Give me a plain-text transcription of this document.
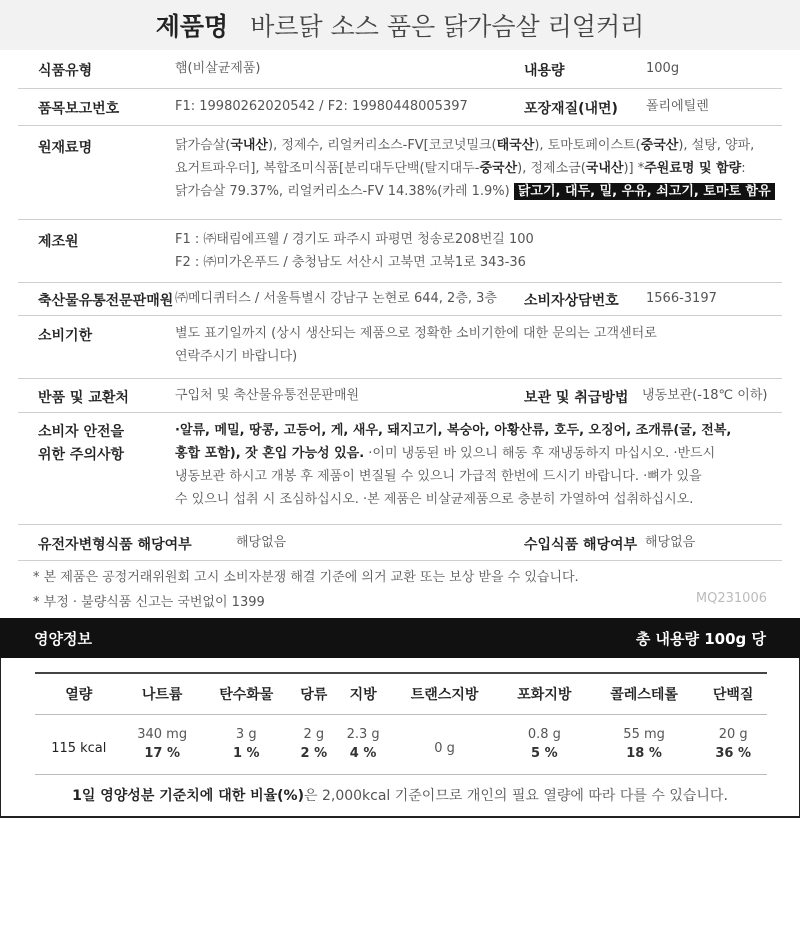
제품명 바르닭 소스 품은 닭가슴살 리얼커리
식품유형	햄(비살균제품)	내용량	100g
품목보고번호	F1: 19980262020542 / F2: 19980448005397	포장재질(내면) 폴리에틸렌
원재료명	닭가슴살(국내산), 정제수, 리얼커리소스-FV[코코넛밀크(태국산), 토마토페이스트(중국산), 설탕, 양파,
요거트파우더], 복합조미식품[분리대두단백(탈지대두-중국산), 정제소금(국내산)] *주원료명 및 함량:
닭가슴살 79.37%, 리얼커리소스-FV 14.38%(카레 1.9%) 닭고기, 대두, 밀, 우유, 쇠고기, 토마토 함유
제조원	F1 : ㈜태림에프웰 / 경기도 파주시 파평면 청송로208번길 100
F2 : ㈜미가온푸드 / 충청남도 서산시 고북면 고북1로 343-36
축산물유통전문판매원 ㈜메디퀴터스 / 서울특별시 강남구 논현로 644, 2층, 3층 소비자상담번호 1566-3197
소비기한	별도 표기일까지 (상시 생산되는 제품으로 정확한 소비기한에 대한 문의는 고객센터로
연락주시기 바랍니다)
반품 및 교환처	구입처 및 축산물유통전문판매원	보관 및 취급방법 냉동보관(-18℃ 이하)
소비자 안전을
위한 주의사항
·알류, 메밀, 땅콩, 고등어, 게, 새우, 돼지고기, 복숭아, 아황산류, 호두, 오징어, 조개류(굴, 전복,
홍합 포함), 잣 혼입 가능성 있음. ·이미 냉동된 바 있으니 해동 후 재냉동하지 마십시오. ·반드시
냉동보관 하시고 개봉 후 제품이 변질될 수 있으니 가급적 한번에 드시기 바랍니다. ·뼈가 있을
수 있으니 섭취 시 조심하십시오. ·본 제품은 비살균제품으로 충분히 가열하여 섭취하십시오.
유전자변형식품 해당여부	해당없음	수입식품 해당여부 해당없음
* 본 제품은 공정거래위원회 고시 소비자분쟁 해결 기준에 의거 교환 또는 보상 받을 수 있습니다.
* 부정 · 불량식품 신고는 국번없이 1399	MQ231006
영양정보	총 내용량 100g 당
열량	나트륨	탄수화물	당류	지방	트랜스지방	포화지방	콜레스테롤	단백질

115 kcal	340 mg	3 g	2 g	2.3 g	0 g	0.8 g	55 mg	20 g
	17 %	1 %	2 %	4 %		5 %	18 %	36 %
1일 영양성분 기준치에 대한 비율(%)은 2,000kcal 기준이므로 개인의 필요 열량에 따라 다를 수 있습니다.
